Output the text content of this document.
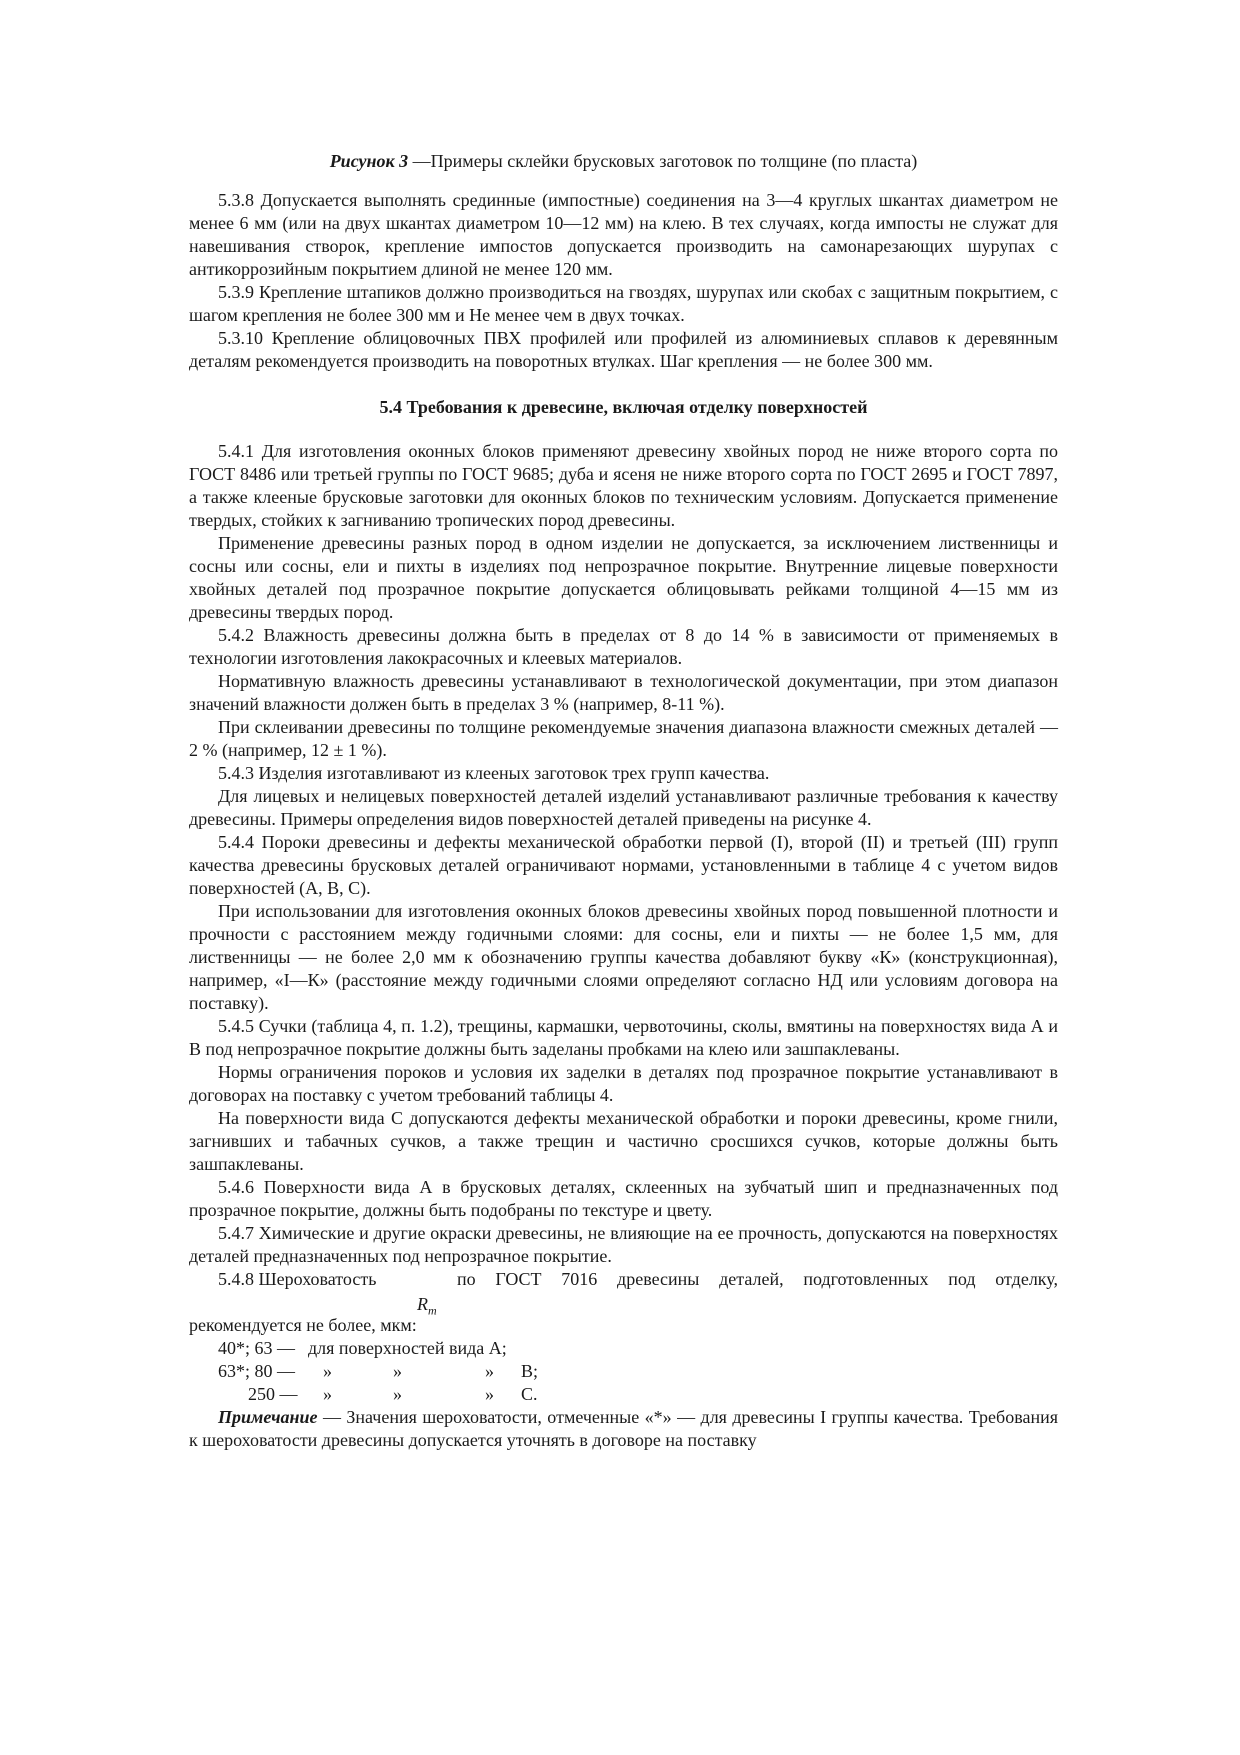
Рисунок 3 —Примеры склейки брусковых заготовок по толщине (по пласта)

5.3.8 Допускается выполнять срединные (импостные) соединения на 3—4 круглых шкантах диаметром не менее 6 мм (или на двух шкантах диаметром 10—12 мм) на клею. В тех случаях, когда импосты не служат для навешивания створок, крепление импостов допускается производить на самонарезающих шурупах с антикоррозийным покрытием длиной не менее 120 мм.

5.3.9 Крепление штапиков должно производиться на гвоздях, шурупах или скобах с защитным покрытием, с шагом крепления не более 300 мм и Не менее чем в двух точках.

5.3.10 Крепление облицовочных ПВХ профилей или профилей из алюминиевых сплавов к деревянным деталям рекомендуется производить на поворотных втулках. Шаг крепления — не более 300 мм.

5.4 Требования к древесине, включая отделку поверхностей

5.4.1 Для изготовления оконных блоков применяют древесину хвойных пород не ниже второго сорта по ГОСТ 8486 или третьей группы по ГОСТ 9685; дуба и ясеня не ниже второго сорта по ГОСТ 2695 и ГОСТ 7897, а также клееные брусковые заготовки для оконных блоков по техническим условиям. Допускается применение твердых, стойких к загниванию тропических пород древесины.

Применение древесины разных пород в одном изделии не допускается, за исключением лиственницы и сосны или сосны, ели и пихты в изделиях под непрозрачное покрытие. Внутренние лицевые поверхности хвойных деталей под прозрачное покрытие допускается облицовывать рейками толщиной 4—15 мм из древесины твердых пород.

5.4.2 Влажность древесины должна быть в пределах от 8 до 14 % в зависимости от применяемых в технологии изготовления лакокрасочных и клеевых материалов.

Нормативную влажность древесины устанавливают в технологической документации, при этом диапазон значений влажности должен быть в пределах 3 % (например, 8-11 %).

При склеивании древесины по толщине рекомендуемые значения диапазона влажности смежных деталей — 2 % (например, 12 ± 1 %).

5.4.3 Изделия изготавливают из клееных заготовок трех групп качества.

Для лицевых и нелицевых поверхностей деталей изделий устанавливают различные требования к качеству древесины. Примеры определения видов поверхностей деталей приведены на рисунке 4.

5.4.4 Пороки древесины и дефекты механической обработки первой (I), второй (II) и третьей (III) групп качества древесины брусковых деталей ограничивают нормами, установленными в таблице 4 с учетом видов поверхностей (А, В, С).

При использовании для изготовления оконных блоков древесины хвойных пород повышенной плотности и прочности с расстоянием между годичными слоями: для сосны, ели и пихты — не более 1,5 мм, для лиственницы — не более 2,0 мм к обозначению группы качества добавляют букву «К» (конструкционная), например, «I—К» (расстояние между годичными слоями определяют согласно НД или условиям договора на поставку).

5.4.5 Сучки (таблица 4, п. 1.2), трещины, кармашки, червоточины, сколы, вмятины на поверхностях вида А и В под непрозрачное покрытие должны быть заделаны пробками на клею или зашпаклеваны.

Нормы ограничения пороков и условия их заделки в деталях под прозрачное покрытие устанавливают в договорах на поставку с учетом требований таблицы 4.

На поверхности вида С допускаются дефекты механической обработки и пороки древесины, кроме гнили, загнивших и табачных сучков, а также трещин и частично сросшихся сучков, которые должны быть зашпаклеваны.

5.4.6 Поверхности вида А в брусковых деталях, склеенных на зубчатый шип и предназначенных под прозрачное покрытие, должны быть подобраны по текстуре и цвету.

5.4.7 Химические и другие окраски древесины, не влияющие на ее прочность, допускаются на поверхностях деталей предназначенных под непрозрачное покрытие.

5.4.8 Шероховатость
$R_m$
по ГОСТ 7016 древесины деталей, подготовленных под отделку,

рекомендуется не более, мкм:

40*; 63 — для поверхностей вида А;
63*; 80 — »	»	» В;
250 — »	»	» С.

Примечание — Значения шероховатости, отмеченные «*» — для древесины I группы качества. Требования к шероховатости древесины допускается уточнять в договоре на поставку
